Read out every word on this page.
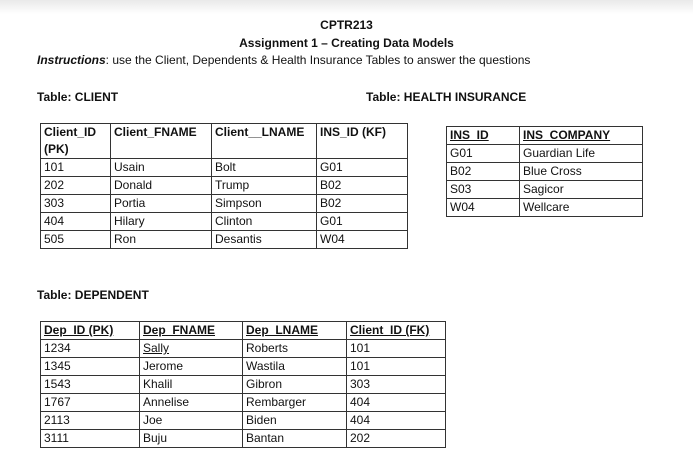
CPTR213
Assignment 1 – Creating Data Models
Instructions: use the Client, Dependents & Health Insurance Tables to answer the questions
Table: CLIENT	Table: HEALTH INSURANCE
Client_ID (PK)	Client_FNAME	Client__LNAME	INS_ID (KF)
101	Usain	Bolt	G01
202	Donald	Trump	B02
303	Portia	Simpson	B02
404	Hilary	Clinton	G01
505	Ron	Desantis	W04
INS_ID	INS_COMPANY
G01	Guardian Life
B02	Blue Cross
S03	Sagicor
W04	Wellcare
Table: DEPENDENT
Dep_ID (PK)	Dep_FNAME	Dep_LNAME	Client_ID (FK)
1234	Sally	Roberts	101
1345	Jerome	Wastila	101
1543	Khalil	Gibron	303
1767	Annelise	Rembarger	404
2113	Joe	Biden	404
3111	Buju	Bantan	202
